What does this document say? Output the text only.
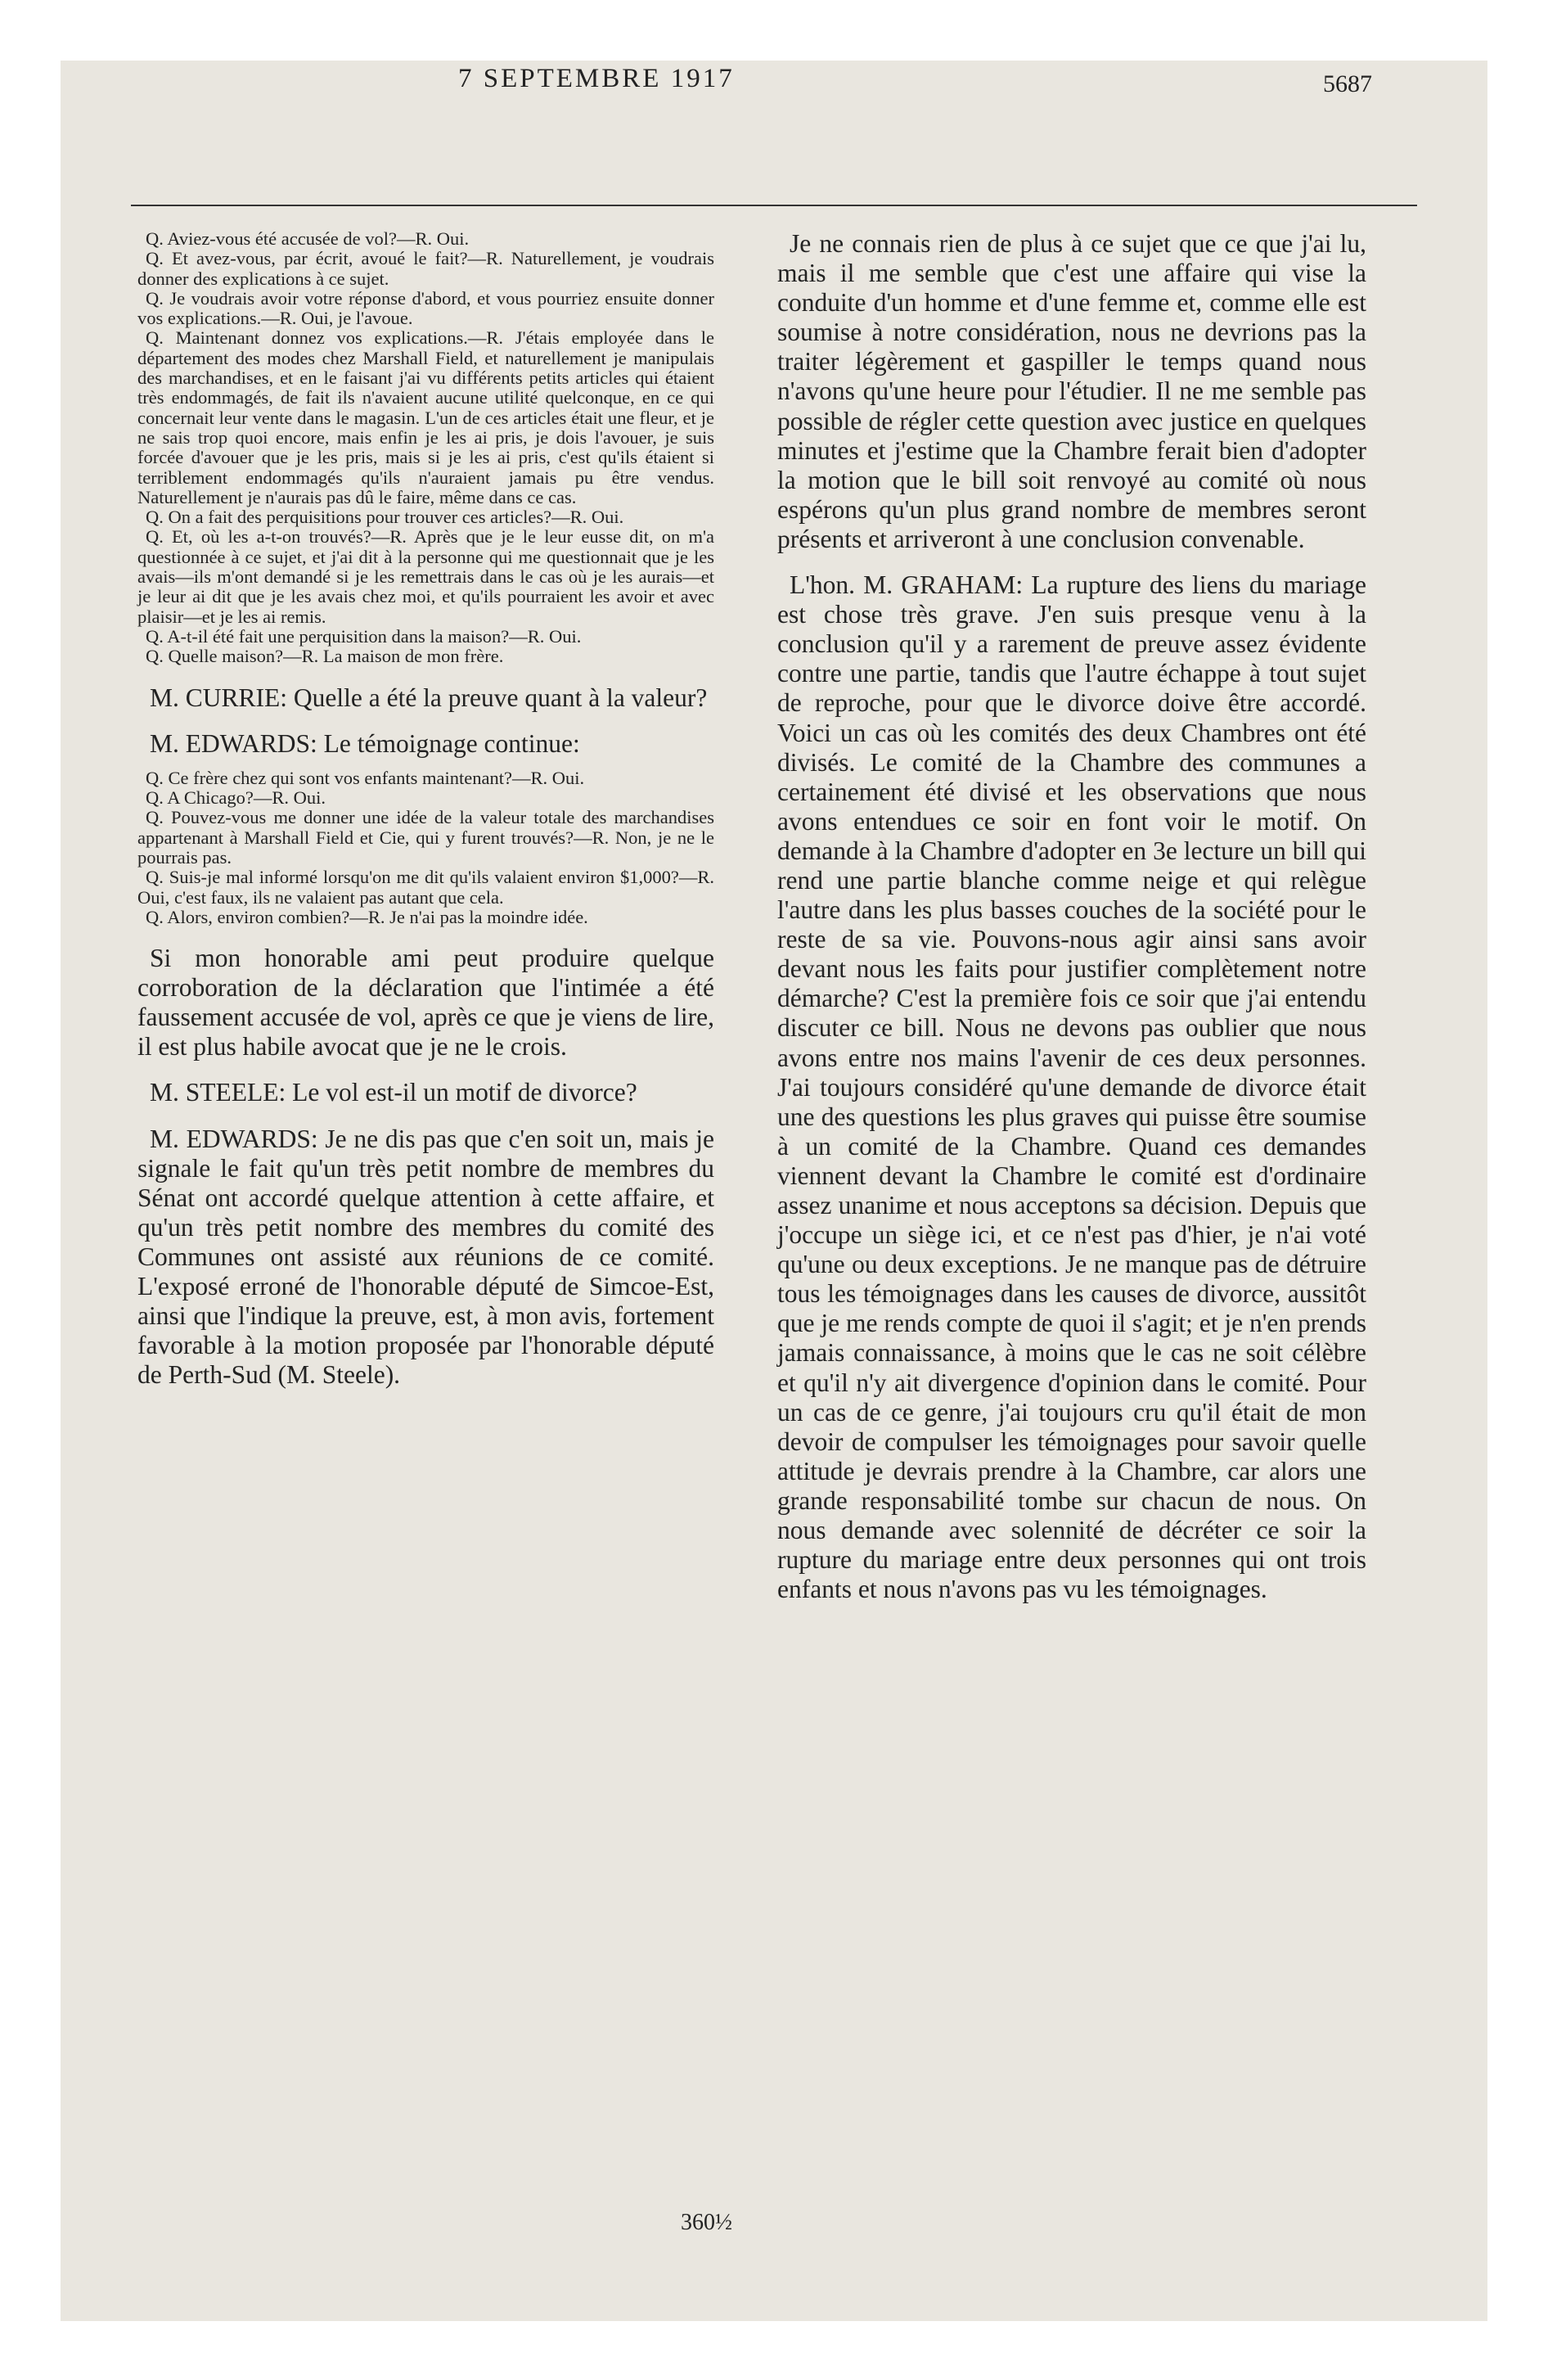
7 SEPTEMBRE 1917	5687

Q. Aviez-vous été accusée de vol?—R. Oui.

Q. Et avez-vous, par écrit, avoué le fait?—R. Naturellement, je voudrais donner des explications à ce sujet.

Q. Je voudrais avoir votre réponse d'abord, et vous pourriez ensuite donner vos explications.—R. Oui, je l'avoue.

Q. Maintenant donnez vos explications.—R. J'étais employée dans le département des modes chez Marshall Field, et naturellement je manipulais des marchandises, et en le faisant j'ai vu différents petits articles qui étaient très endommagés, de fait ils n'avaient aucune utilité quelconque, en ce qui concernait leur vente dans le magasin. L'un de ces articles était une fleur, et je ne sais trop quoi encore, mais enfin je les ai pris, je dois l'avouer, je suis forcée d'avouer que je les pris, mais si je les ai pris, c'est qu'ils étaient si terriblement endommagés qu'ils n'auraient jamais pu être vendus. Naturellement je n'aurais pas dû le faire, même dans ce cas.

Q. On a fait des perquisitions pour trouver ces articles?—R. Oui.

Q. Et, où les a-t-on trouvés?—R. Après que je le leur eusse dit, on m'a questionnée à ce sujet, et j'ai dit à la personne qui me questionnait que je les avais—ils m'ont demandé si je les remettrais dans le cas où je les aurais—et je leur ai dit que je les avais chez moi, et qu'ils pourraient les avoir et avec plaisir—et je les ai remis.

Q. A-t-il été fait une perquisition dans la maison?—R. Oui.

Q. Quelle maison?—R. La maison de mon frère.

M. CURRIE: Quelle a été la preuve quant à la valeur?

M. EDWARDS: Le témoignage continue:

Q. Ce frère chez qui sont vos enfants maintenant?—R. Oui.

Q. A Chicago?—R. Oui.

Q. Pouvez-vous me donner une idée de la valeur totale des marchandises appartenant à Marshall Field et Cie, qui y furent trouvés?—R. Non, je ne le pourrais pas.

Q. Suis-je mal informé lorsqu'on me dit qu'ils valaient environ $1,000?—R. Oui, c'est faux, ils ne valaient pas autant que cela.

Q. Alors, environ combien?—R. Je n'ai pas la moindre idée.

Si mon honorable ami peut produire quelque corroboration de la déclaration que l'intimée a été faussement accusée de vol, après ce que je viens de lire, il est plus habile avocat que je ne le crois.

M. STEELE: Le vol est-il un motif de divorce?

M. EDWARDS: Je ne dis pas que c'en soit un, mais je signale le fait qu'un très petit nombre de membres du Sénat ont accordé quelque attention à cette affaire, et qu'un très petit nombre des membres du comité des Communes ont assisté aux réunions de ce comité. L'exposé erroné de l'honorable député de Simcoe-Est, ainsi que l'indique la preuve, est, à mon avis, fortement favorable à la motion proposée par l'honorable député de Perth-Sud (M. Steele).

Je ne connais rien de plus à ce sujet que ce que j'ai lu, mais il me semble que c'est une affaire qui vise la conduite d'un homme et d'une femme et, comme elle est soumise à notre considération, nous ne devrions pas la traiter légèrement et gaspiller le temps quand nous n'avons qu'une heure pour l'étudier. Il ne me semble pas possible de régler cette question avec justice en quelques minutes et j'estime que la Chambre ferait bien d'adopter la motion que le bill soit renvoyé au comité où nous espérons qu'un plus grand nombre de membres seront présents et arriveront à une conclusion convenable.

L'hon. M. GRAHAM: La rupture des liens du mariage est chose très grave. J'en suis presque venu à la conclusion qu'il y a rarement de preuve assez évidente contre une partie, tandis que l'autre échappe à tout sujet de reproche, pour que le divorce doive être accordé. Voici un cas où les comités des deux Chambres ont été divisés. Le comité de la Chambre des communes a certainement été divisé et les observations que nous avons entendues ce soir en font voir le motif. On demande à la Chambre d'adopter en 3e lecture un bill qui rend une partie blanche comme neige et qui relègue l'autre dans les plus basses couches de la société pour le reste de sa vie. Pouvons-nous agir ainsi sans avoir devant nous les faits pour justifier complètement notre démarche? C'est la première fois ce soir que j'ai entendu discuter ce bill. Nous ne devons pas oublier que nous avons entre nos mains l'avenir de ces deux personnes. J'ai toujours considéré qu'une demande de divorce était une des questions les plus graves qui puisse être soumise à un comité de la Chambre. Quand ces demandes viennent devant la Chambre le comité est d'ordinaire assez unanime et nous acceptons sa décision. Depuis que j'occupe un siège ici, et ce n'est pas d'hier, je n'ai voté qu'une ou deux exceptions. Je ne manque pas de détruire tous les témoignages dans les causes de divorce, aussitôt que je me rends compte de quoi il s'agit; et je n'en prends jamais connaissance, à moins que le cas ne soit célèbre et qu'il n'y ait divergence d'opinion dans le comité. Pour un cas de ce genre, j'ai toujours cru qu'il était de mon devoir de compulser les témoignages pour savoir quelle attitude je devrais prendre à la Chambre, car alors une grande responsabilité tombe sur chacun de nous. On nous demande avec solennité de décréter ce soir la rupture du mariage entre deux personnes qui ont trois enfants et nous n'avons pas vu les témoignages.

360½
